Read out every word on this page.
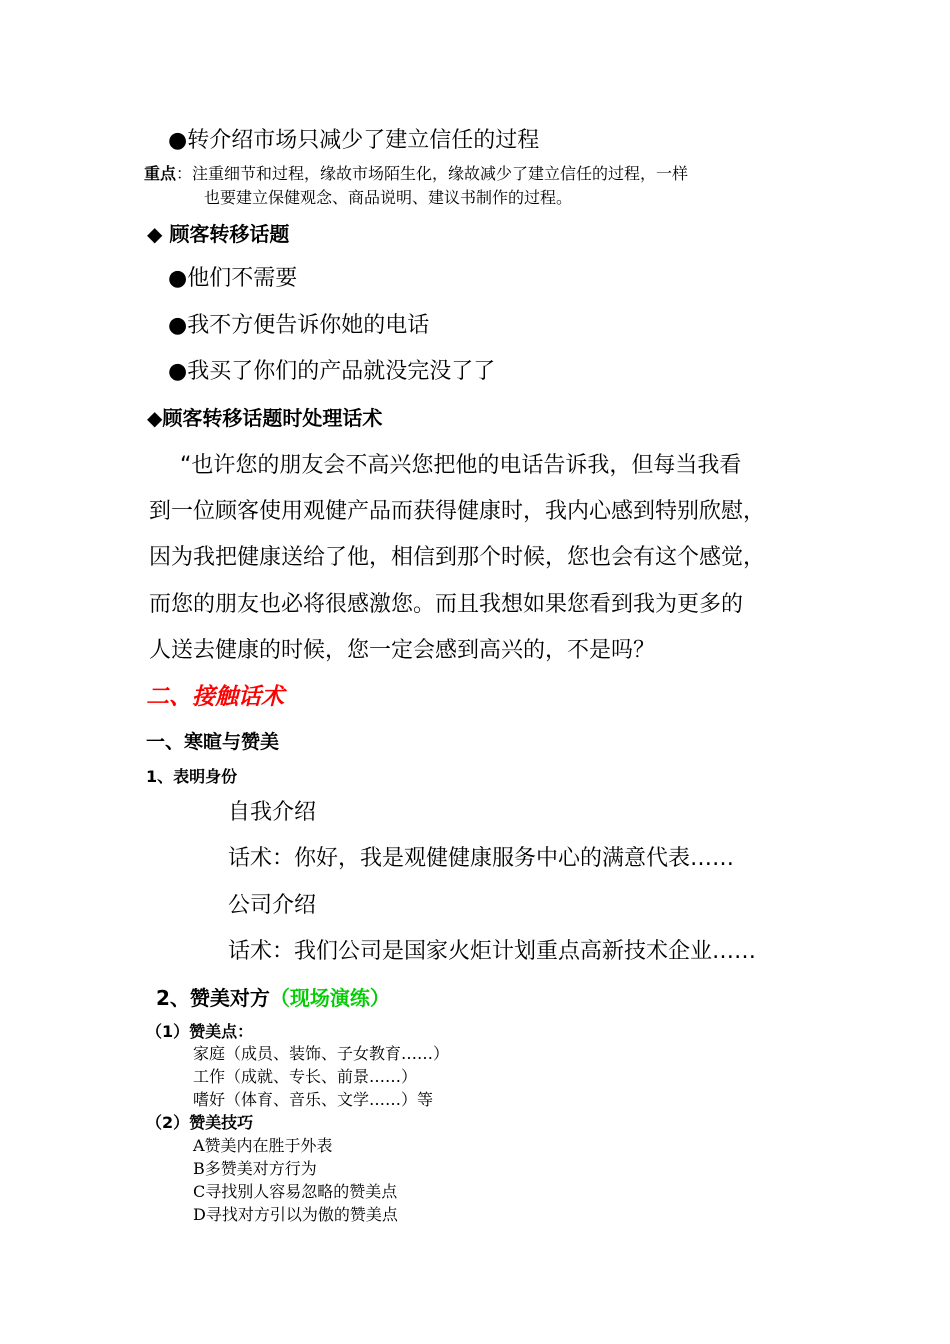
●转介绍市场只减少了建立信任的过程
重点：注重细节和过程，缘故市场陌生化，缘故减少了建立信任的过程，一样
也要建立保健观念、商品说明、建议书制作的过程。
◆ 顾客转移话题
●他们不需要
●我不方便告诉你她的电话
●我买了你们的产品就没完没了了
◆顾客转移话题时处理话术
“也许您的朋友会不高兴您把他的电话告诉我，但每当我看
到一位顾客使用观健产品而获得健康时，我内心感到特别欣慰，
因为我把健康送给了他，相信到那个时候，您也会有这个感觉，
而您的朋友也必将很感激您。而且我想如果您看到我为更多的
人送去健康的时候，您一定会感到高兴的，不是吗？
二、接触话术
一、寒暄与赞美
1、表明身份
自我介绍
话术：你好，我是观健健康服务中心的满意代表……
公司介绍
话术：我们公司是国家火炬计划重点高新技术企业……
2、赞美对方（现场演练）
（1）赞美点：
家庭（成员、装饰、子女教育……）
工作（成就、专长、前景……）
嗜好（体育、音乐、文学……）等
（2）赞美技巧
A赞美内在胜于外表
B多赞美对方行为
C寻找别人容易忽略的赞美点
D寻找对方引以为傲的赞美点
